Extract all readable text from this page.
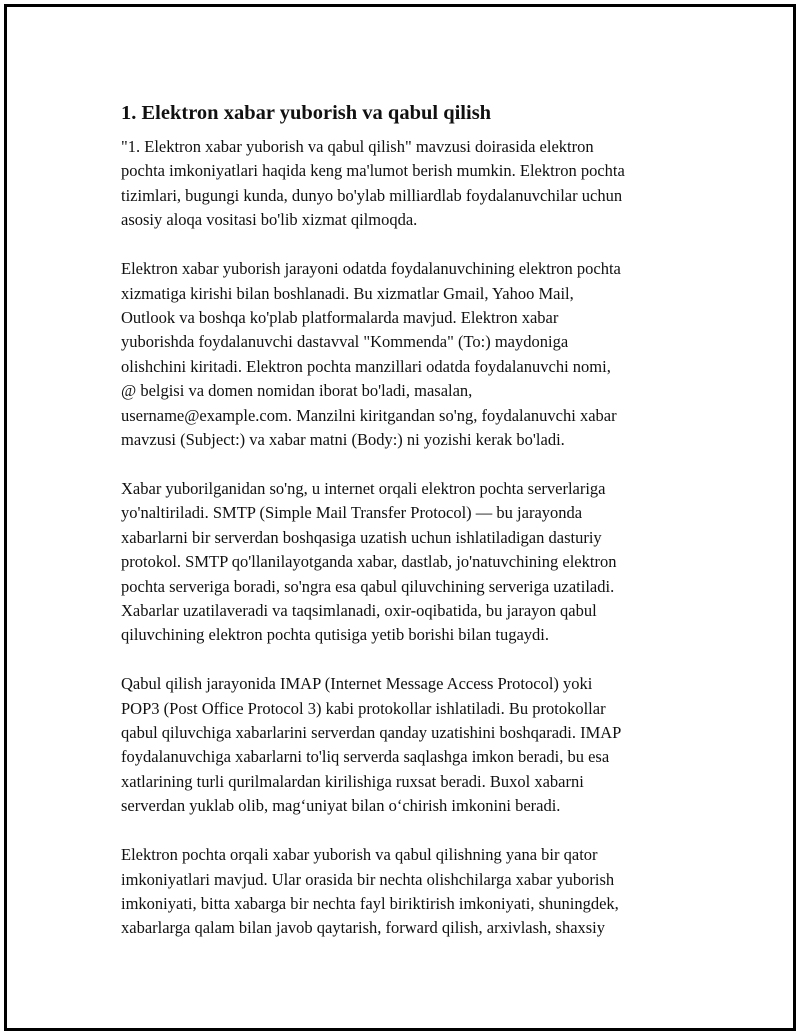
1. Elektron xabar yuborish va qabul qilish

"1. Elektron xabar yuborish va qabul qilish" mavzusi doirasida elektron
pochta imkoniyatlari haqida keng ma'lumot berish mumkin. Elektron pochta
tizimlari, bugungi kunda, dunyo bo'ylab milliardlab foydalanuvchilar uchun
asosiy aloqa vositasi bo'lib xizmat qilmoqda.

Elektron xabar yuborish jarayoni odatda foydalanuvchining elektron pochta
xizmatiga kirishi bilan boshlanadi. Bu xizmatlar Gmail, Yahoo Mail,
Outlook va boshqa ko'plab platformalarda mavjud. Elektron xabar
yuborishda foydalanuvchi dastavval "Kommenda" (To:) maydoniga
olishchini kiritadi. Elektron pochta manzillari odatda foydalanuvchi nomi,
@ belgisi va domen nomidan iborat bo'ladi, masalan,
username@example.com. Manzilni kiritgandan so'ng, foydalanuvchi xabar
mavzusi (Subject:) va xabar matni (Body:) ni yozishi kerak bo'ladi.

Xabar yuborilganidan so'ng, u internet orqali elektron pochta serverlariga
yo'naltiriladi. SMTP (Simple Mail Transfer Protocol) — bu jarayonda
xabarlarni bir serverdan boshqasiga uzatish uchun ishlatiladigan dasturiy
protokol. SMTP qo'llanilayotganda xabar, dastlab, jo'natuvchining elektron
pochta serveriga boradi, so'ngra esa qabul qiluvchining serveriga uzatiladi.
Xabarlar uzatilaveradi va taqsimlanadi, oxir-oqibatida, bu jarayon qabul
qiluvchining elektron pochta qutisiga yetib borishi bilan tugaydi.

Qabul qilish jarayonida IMAP (Internet Message Access Protocol) yoki
POP3 (Post Office Protocol 3) kabi protokollar ishlatiladi. Bu protokollar
qabul qiluvchiga xabarlarini serverdan qanday uzatishini boshqaradi. IMAP
foydalanuvchiga xabarlarni to'liq serverda saqlashga imkon beradi, bu esa
xatlarining turli qurilmalardan kirilishiga ruxsat beradi. Buxol xabarni
serverdan yuklab olib, mag‘uniyat bilan o‘chirish imkonini beradi.

Elektron pochta orqali xabar yuborish va qabul qilishning yana bir qator
imkoniyatlari mavjud. Ular orasida bir nechta olishchilarga xabar yuborish
imkoniyati, bitta xabarga bir nechta fayl biriktirish imkoniyati, shuningdek,
xabarlarga qalam bilan javob qaytarish, forward qilish, arxivlash, shaxsiy
